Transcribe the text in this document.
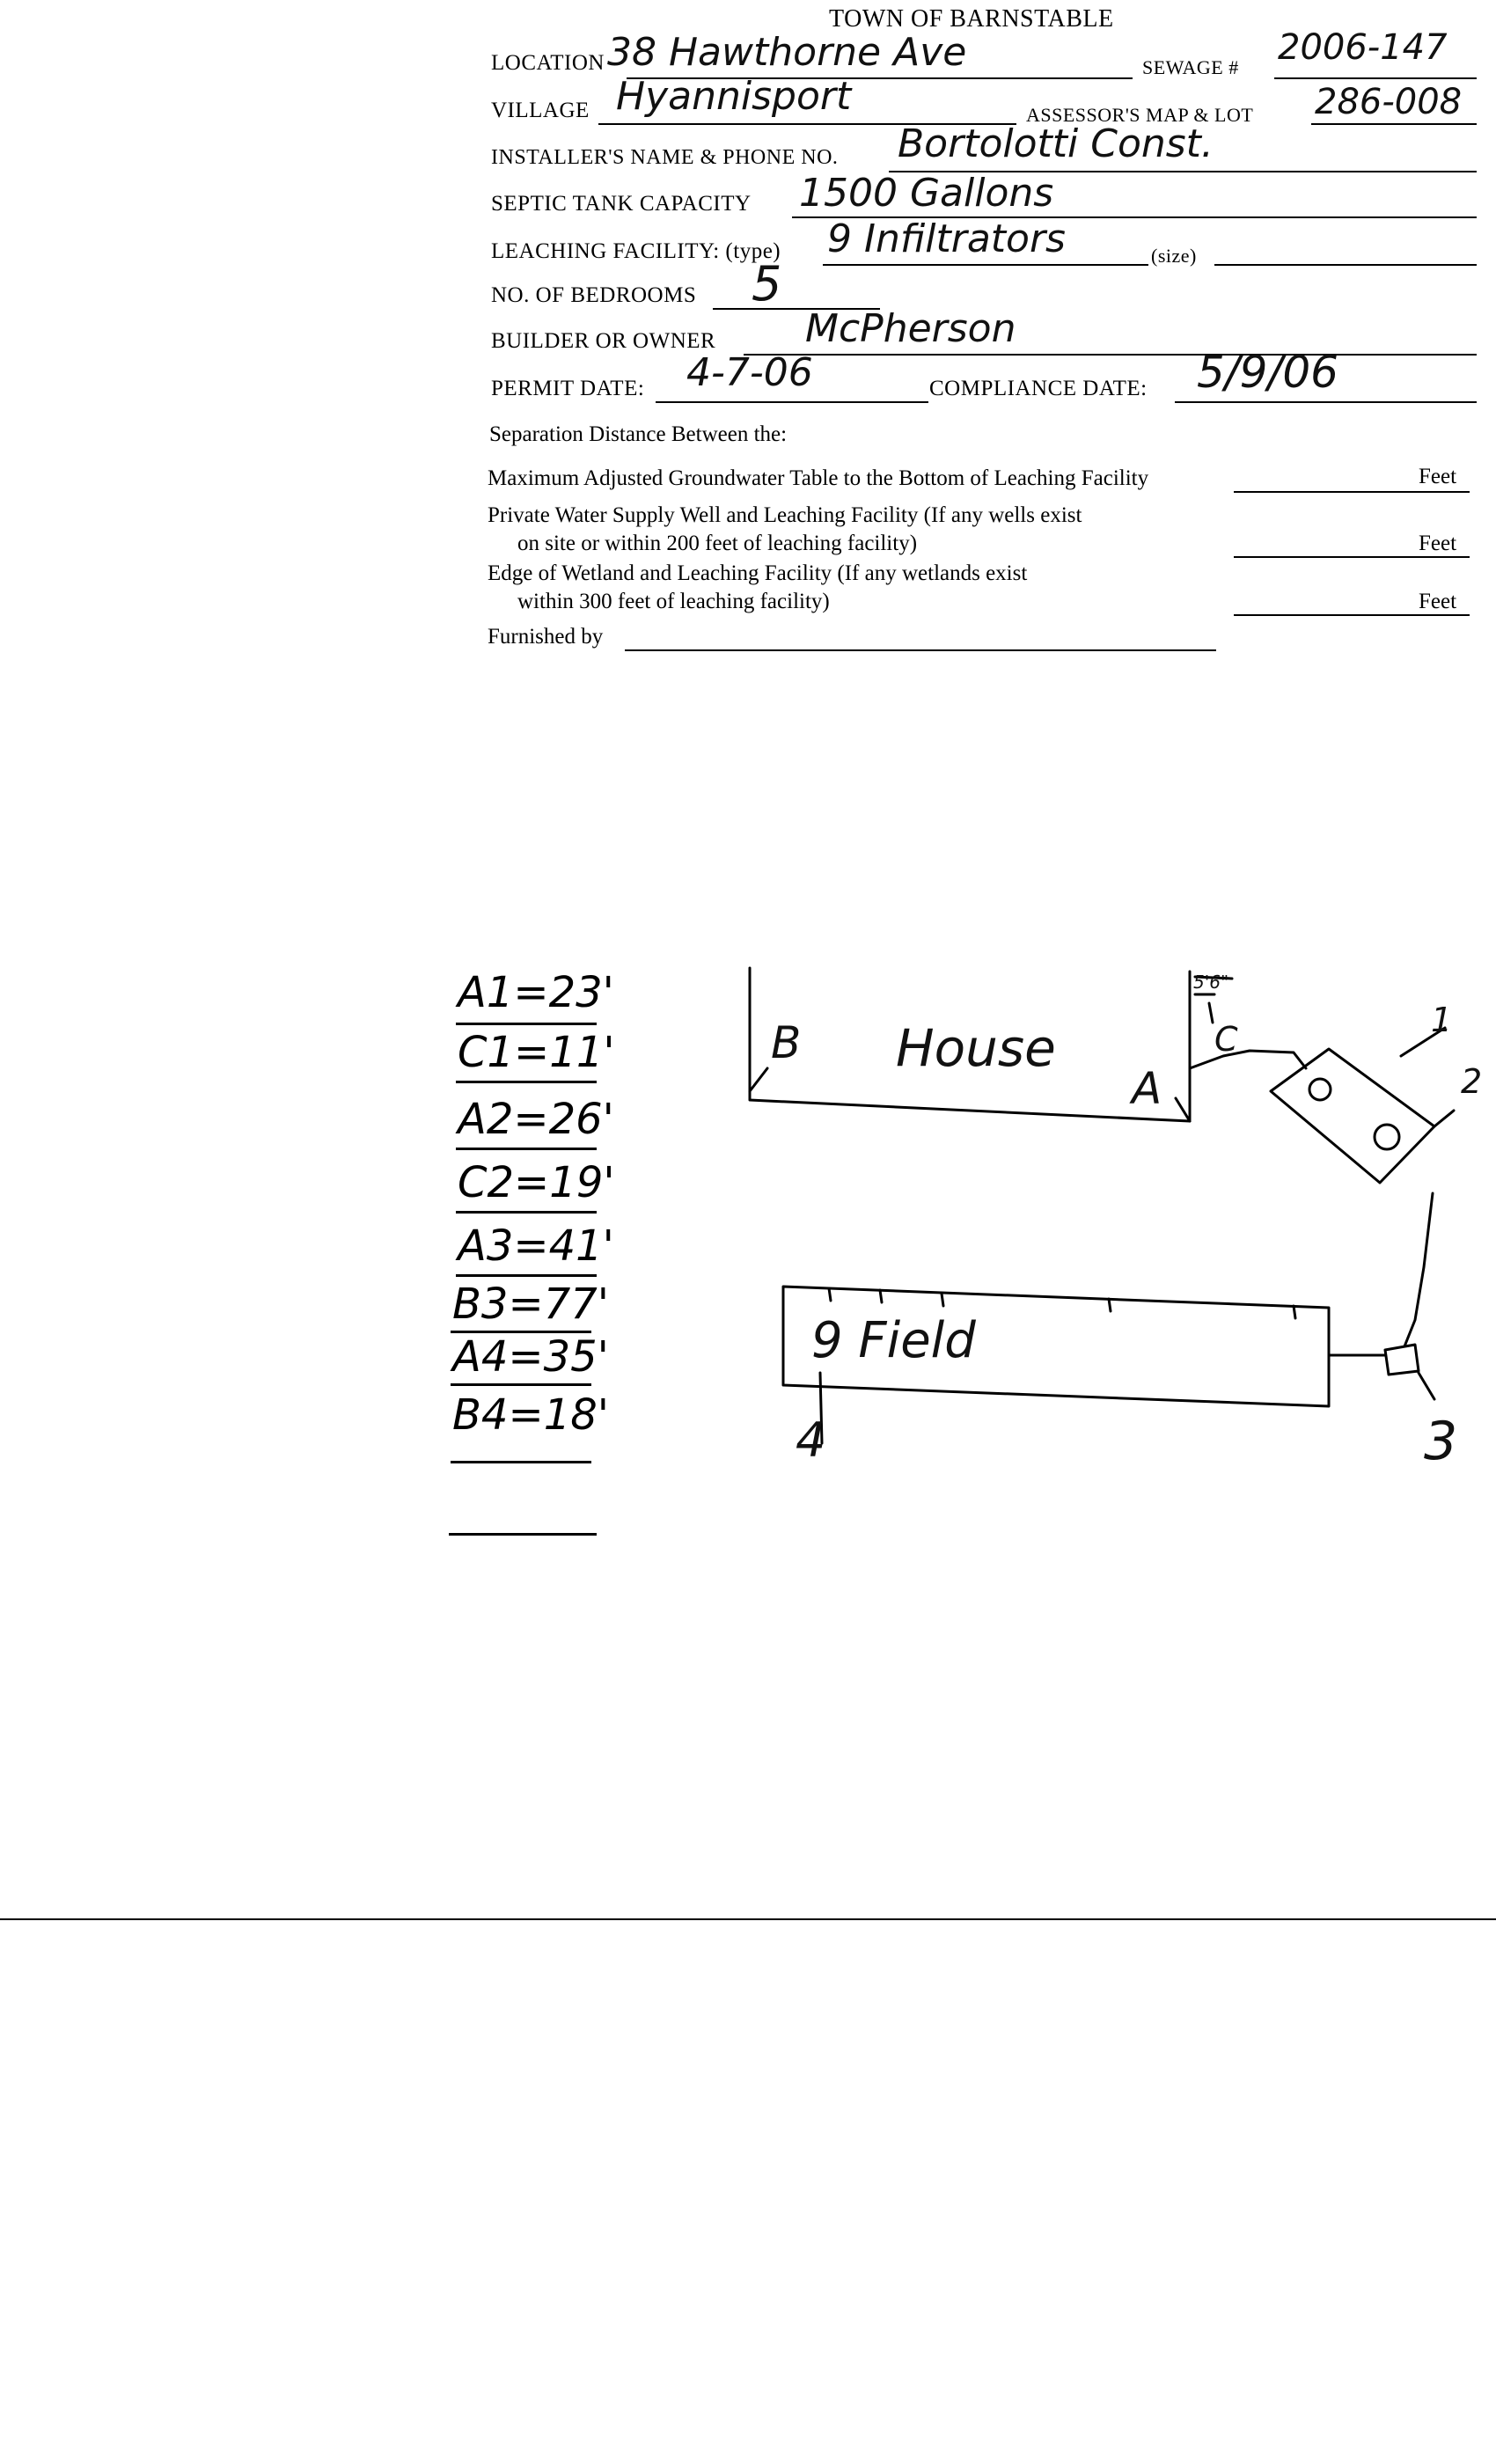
TOWN OF BARNSTABLE
LOCATION 38 Hawthorne Ave	SEWAGE # 2006-147
VILLAGE Hyannisport	ASSESSOR'S MAP & LOT 286-008
INSTALLER'S NAME & PHONE NO. Bortolotti Const.
SEPTIC TANK CAPACITY 1500 Gallons
LEACHING FACILITY: (type) 9 Infiltrators	(size)
NO. OF BEDROOMS 5
BUILDER OR OWNER McPherson
PERMIT DATE: 4-7-06	COMPLIANCE DATE: 5/9/06
Separation Distance Between the:
Maximum Adjusted Groundwater Table to the Bottom of Leaching Facility	Feet
Private Water Supply Well and Leaching Facility (If any wells exist
on site or within 200 feet of leaching facility)	Feet
Edge of Wetland and Leaching Facility (If any wetlands exist
within 300 feet of leaching facility)	Feet
Furnished by
A1=23'
C1=11'
A2=26'
C2=19'
A3=41'
B3=77'
A4=35'
B4=18'
House
B
A
C	1
2
3
4
9 Field
5'6"
